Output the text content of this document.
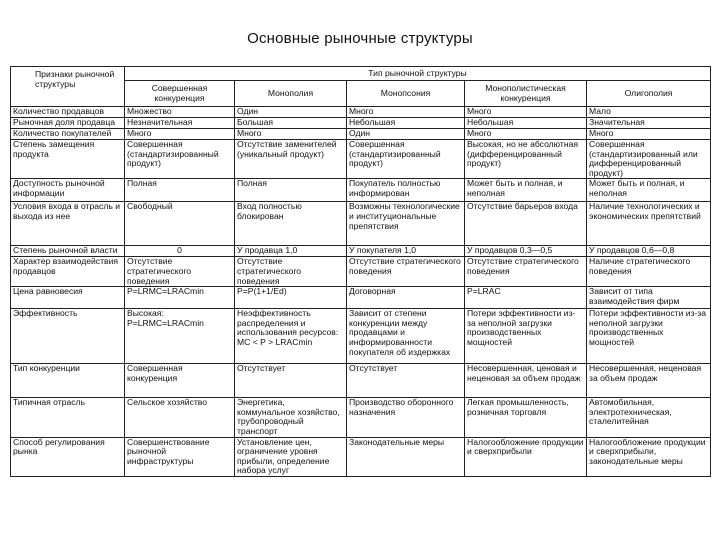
Основные рыночные структуры
Признаки рыночной структуры	Тип рыночной структуры				
	Совершенная конкуренция	Монополия	Монопсония	Монополистическая конкуренция	Олигополия
Количество продавцов	Множество	Один	Много	Много	Мало
Рыночная доля продавца	Незначительная	Большая	Небольшая	Небольшая	Значительная
Количество покупателей	Много	Много	Один	Много	Много
Степень замещения продукта	Совершенная (стандартизированный продукт)	Отсутствие заменителей (уникальный продукт)	Совершенная (стандартизированный продукт)	Высокая, но не абсолютная (дифференцированный продукт)	Совершенная (стандартизированный или дифференцированный продукт)
Доступность рыночной информации	Полная	Полная	Покупатель полностью информирован	Может быть и полная, и неполная	Может быть и полная, и неполная
Условия входа в отрасль и выхода из нее	Свободный	Вход полностью блокирован	Возможны технологические и институциональные препятствия	Отсутствие барьеров входа	Наличие технологических и экономических препятствий
Степень рыночной власти	0	У продавца 1,0	У покупателя 1,0	У продавцов 0,3—0,5	У продавцов 0,6—0,8
Характер взаимодействия продавцов	Отсутствие стратегического поведения	Отсутствие стратегического поведения	Отсутствие стратегического поведения	Отсутствие стратегического поведения	Наличие стратегического поведения
Цена равновесия	P=LRMC=LRACmin	P=P(1+1/Ed)	Договорная	P=LRAC	Зависит от типа взаимодействия фирм
Эффективность	Высокая: P=LRMC=LRACmin	Неэффективность распределения и использования ресурсов: MC < P > LRACmin	Зависит от степени конкуренции между продавцами и информированности покупателя об издержках	Потери эффективности из-за неполной загрузки производственных мощностей	Потери эффективности из-за неполной загрузки производственных мощностей
Тип конкуренции	Совершенная конкуренция	Отсутствует	Отсутствует	Несовершенная, ценовая и неценовая за объем продаж	Несовершенная, неценовая за объем продаж
Типичная отрасль	Сельское хозяйство	Энергетика, коммунальное хозяйство, трубопроводный транспорт	Производство оборонного назначения	Легкая промышленность, розничная торговля	Автомобильная, электротехническая, сталелитейная
Способ регулирования рынка	Совершенствование рыночной инфраструктуры	Установление цен, ограничение уровня прибыли, определение набора услуг	Законодательные меры	Налогообложение продукции и сверхприбыли	Налогообложение продукции и сверхприбыли, законодательные меры
